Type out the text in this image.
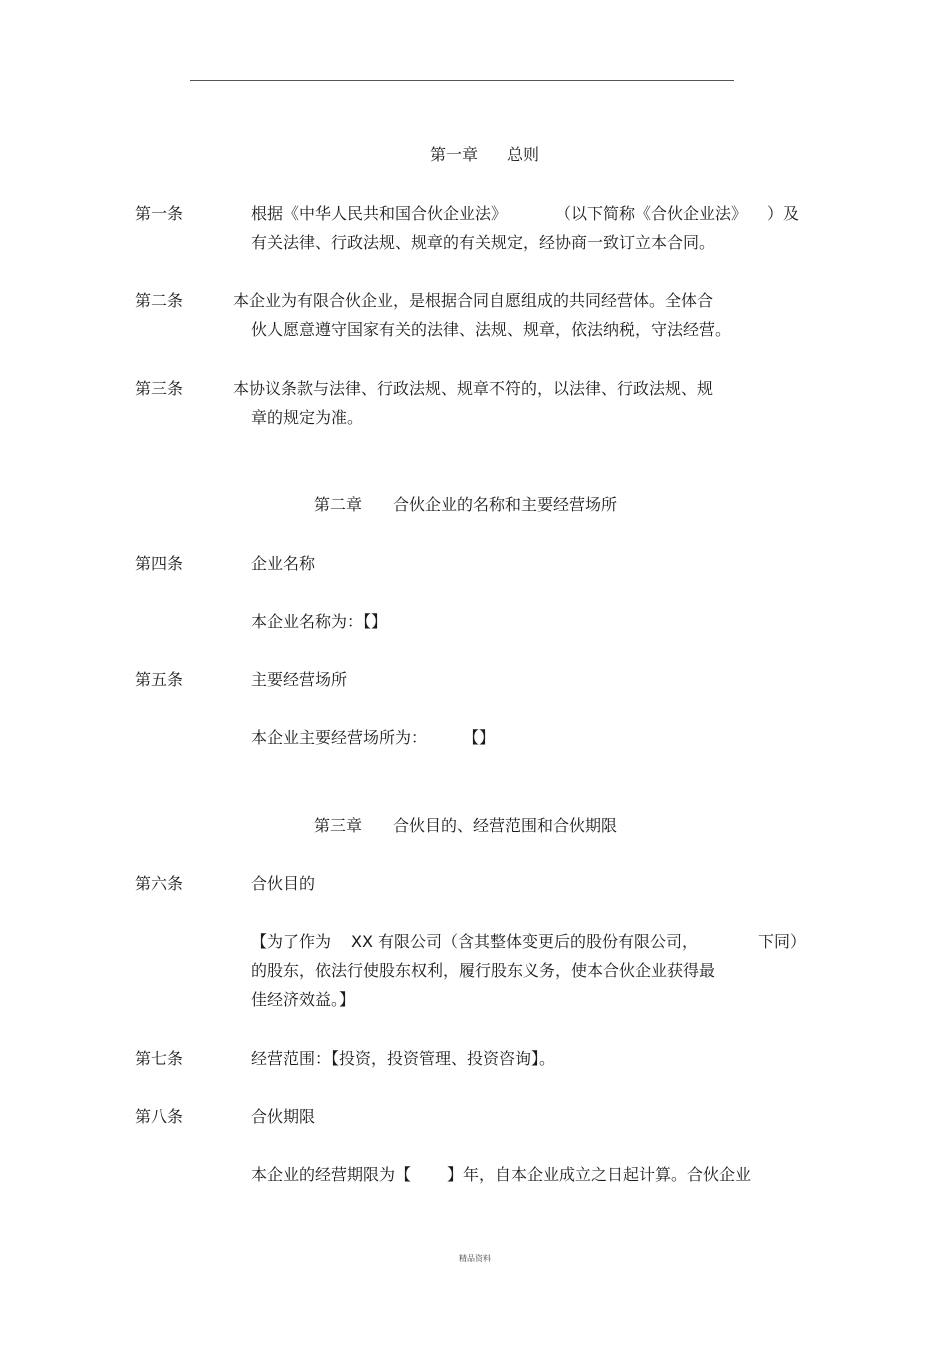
第一章 总则
第一条	根据《中华人民共和国合伙企业法》	（以下简称《合伙企业法》 ）及
有关法律、行政法规、规章的有关规定，经协商一致订立本合同。
第二条	本企业为有限合伙企业，是根据合同自愿组成的共同经营体。全体合
伙人愿意遵守国家有关的法律、法规、规章，依法纳税，守法经营。
第三条	本协议条款与法律、行政法规、规章不符的，以法律、行政法规、规
章的规定为准。
第二章 合伙企业的名称和主要经营场所
第四条	企业名称
本企业名称为：【】
第五条	主要经营场所
本企业主要经营场所为： 【】
第三章 合伙目的、经营范围和合伙期限
第六条	合伙目的
【为了作为 XX 有限公司（含其整体变更后的股份有限公司，	下同）
的股东，依法行使股东权利，履行股东义务，使本合伙企业获得最
佳经济效益。】
第七条	经营范围：【投资，投资管理、投资咨询】。
第八条	合伙期限
本企业的经营期限为【 】年，自本企业成立之日起计算。合伙企业
精品资料
